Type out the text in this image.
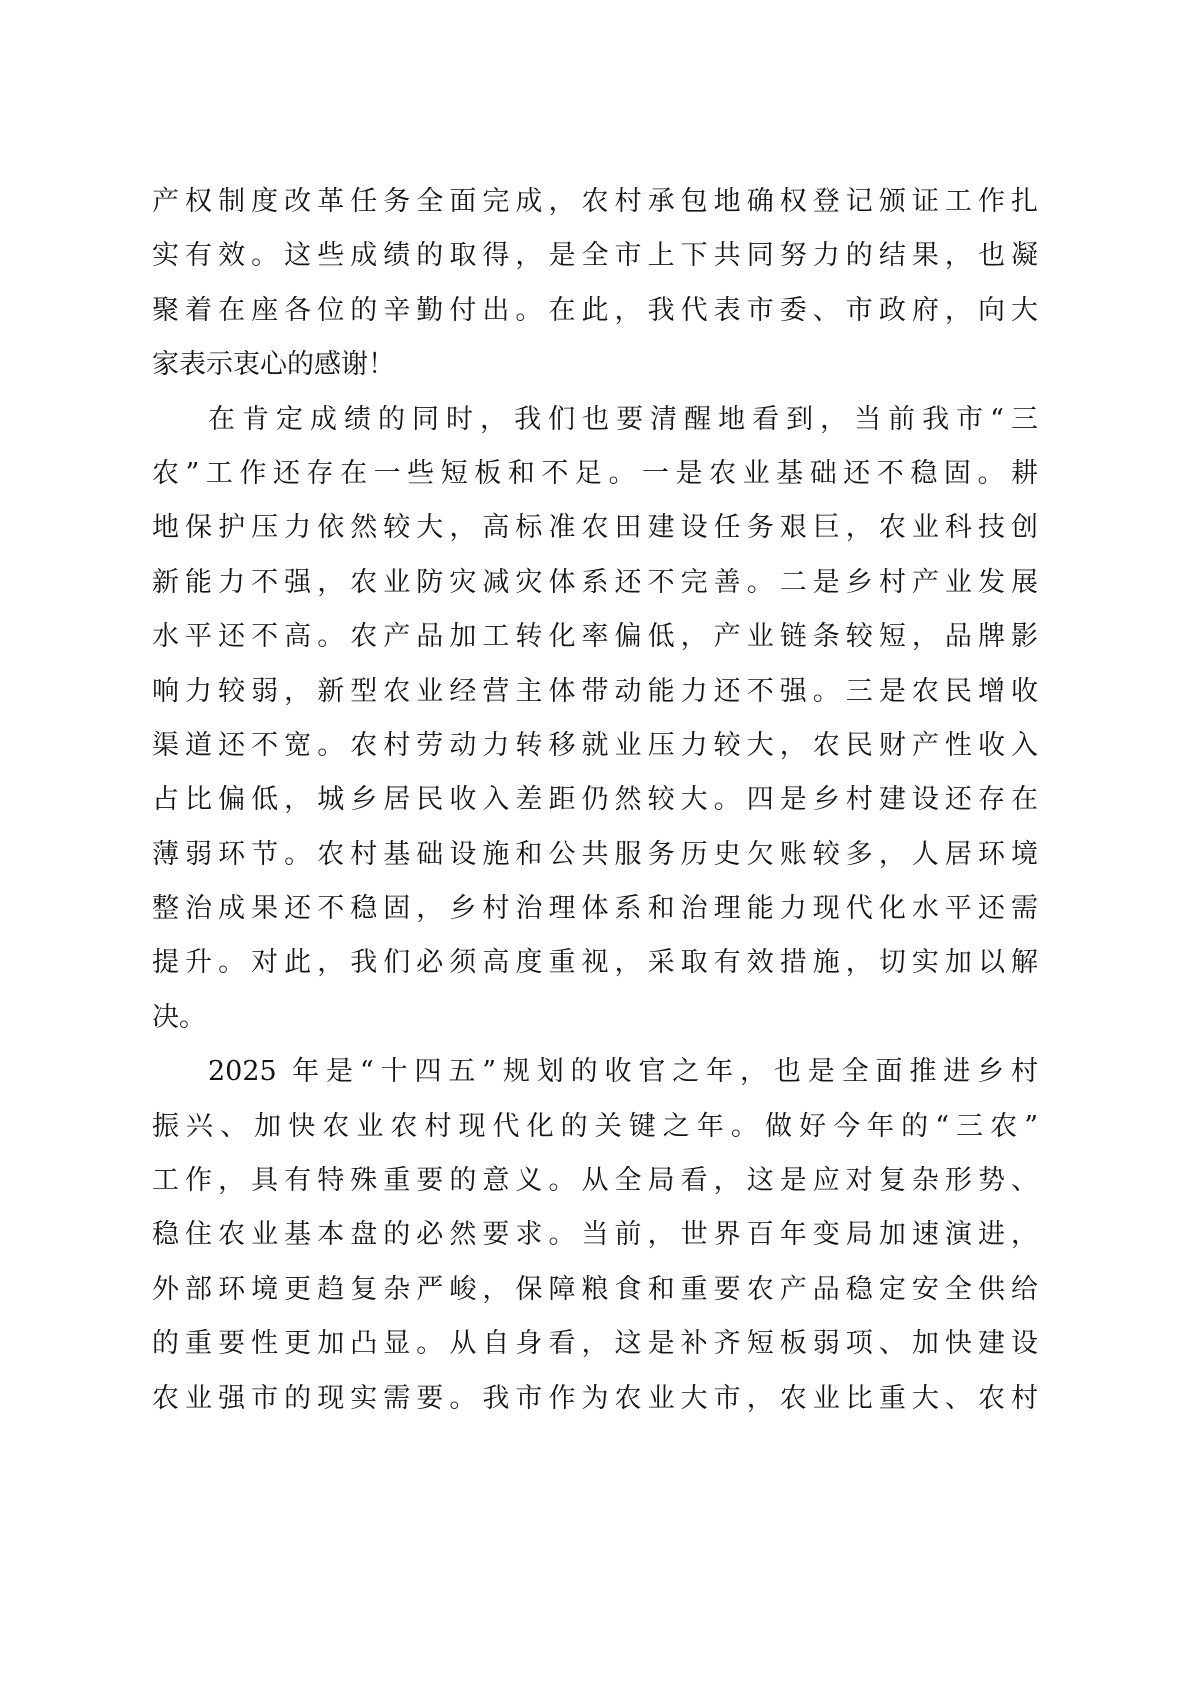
产权制度改革任务全面完成，农村承包地确权登记颁证工作扎
实有效。这些成绩的取得，是全市上下共同努力的结果，也凝
聚着在座各位的辛勤付出。在此，我代表市委、市政府，向大
家表示衷心的感谢！
在肯定成绩的同时，我们也要清醒地看到，当前我市“三
农”工作还存在一些短板和不足。一是农业基础还不稳固。耕
地保护压力依然较大，高标准农田建设任务艰巨，农业科技创
新能力不强，农业防灾减灾体系还不完善。二是乡村产业发展
水平还不高。农产品加工转化率偏低，产业链条较短，品牌影
响力较弱，新型农业经营主体带动能力还不强。三是农民增收
渠道还不宽。农村劳动力转移就业压力较大，农民财产性收入
占比偏低，城乡居民收入差距仍然较大。四是乡村建设还存在
薄弱环节。农村基础设施和公共服务历史欠账较多，人居环境
整治成果还不稳固，乡村治理体系和治理能力现代化水平还需
提升。对此，我们必须高度重视，采取有效措施，切实加以解
决。
2025 年是“十四五”规划的收官之年，也是全面推进乡村
振兴、加快农业农村现代化的关键之年。做好今年的“三农”
工作，具有特殊重要的意义。从全局看，这是应对复杂形势、
稳住农业基本盘的必然要求。当前，世界百年变局加速演进，
外部环境更趋复杂严峻，保障粮食和重要农产品稳定安全供给
的重要性更加凸显。从自身看，这是补齐短板弱项、加快建设
农业强市的现实需要。我市作为农业大市，农业比重大、农村
